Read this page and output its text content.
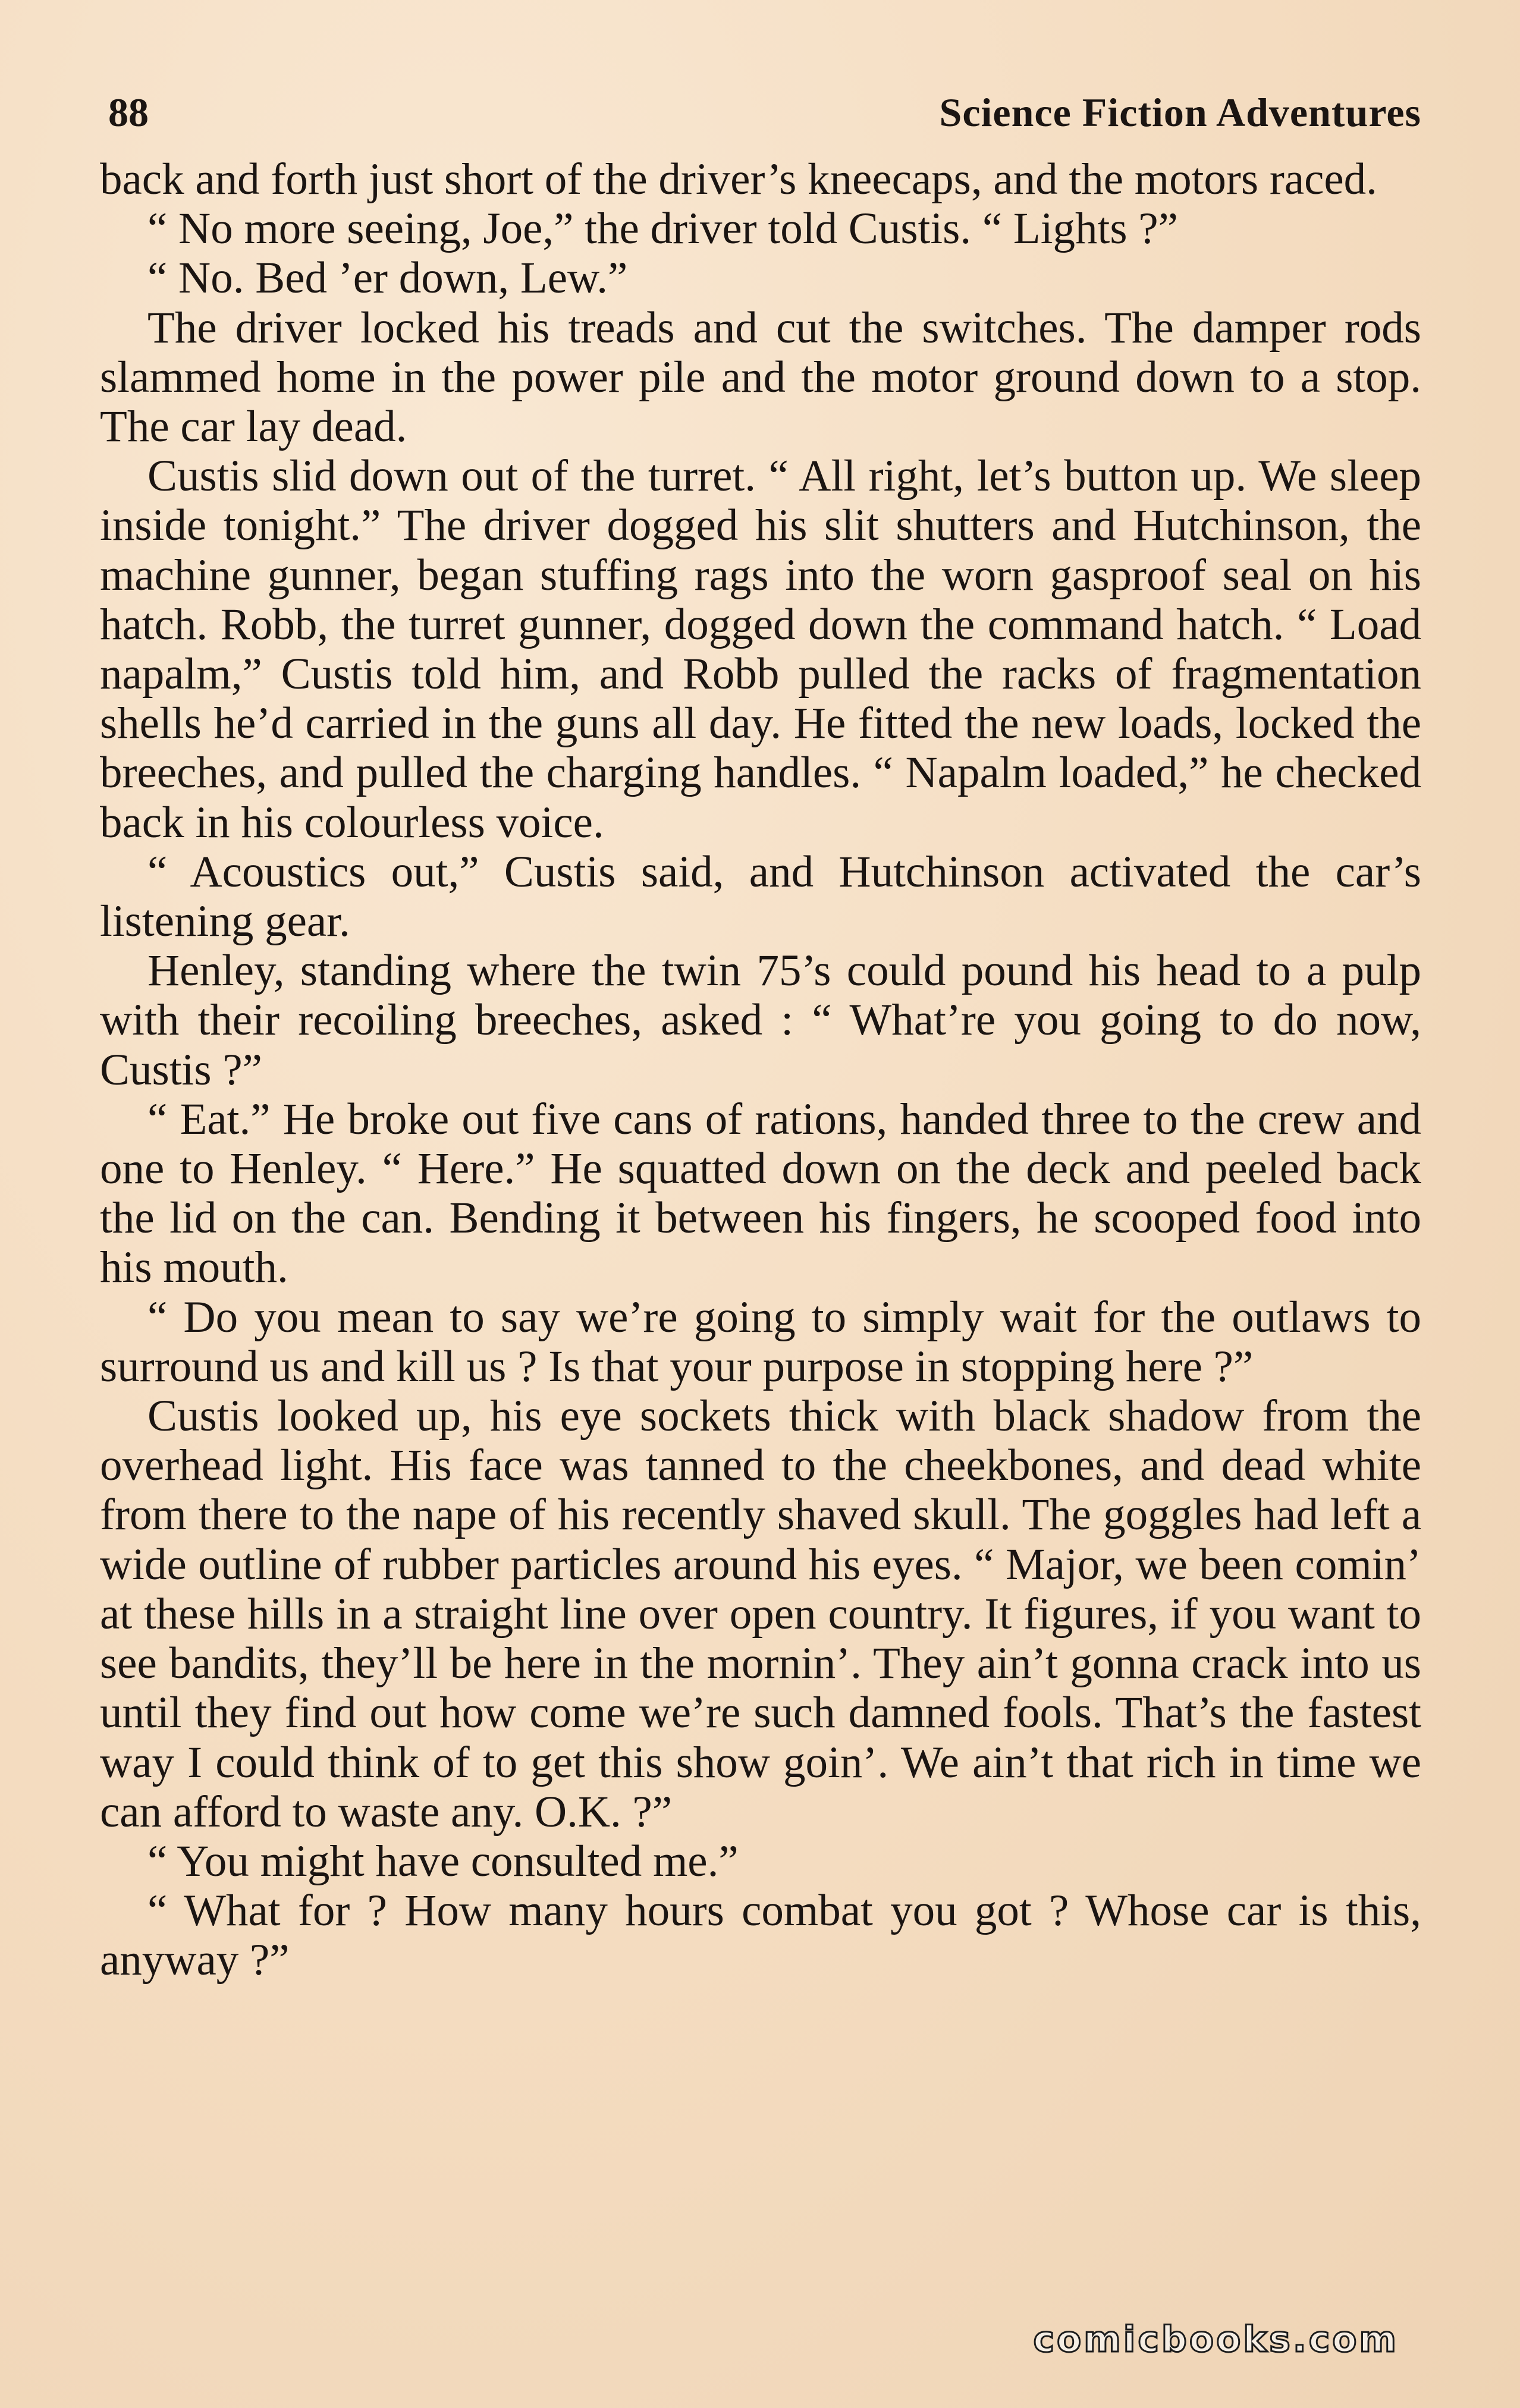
88	Science Fiction Adventures

back and forth just short of the driver’s kneecaps, and the motors raced.

“ No more seeing, Joe,” the driver told Custis. “ Lights ?”

“ No. Bed ’er down, Lew.”

The driver locked his treads and cut the switches. The damper rods slammed home in the power pile and the motor ground down to a stop. The car lay dead.

Custis slid down out of the turret. “ All right, let’s button up. We sleep inside tonight.” The driver dogged his slit shutters and Hutchinson, the machine gunner, began stuffing rags into the worn gasproof seal on his hatch. Robb, the turret gunner, dogged down the command hatch. “ Load napalm,” Custis told him, and Robb pulled the racks of fragmentation shells he’d carried in the guns all day. He fitted the new loads, locked the breeches, and pulled the charging handles. “ Napalm loaded,” he checked back in his colourless voice.

“ Acoustics out,” Custis said, and Hutchinson activated the car’s listening gear.

Henley, standing where the twin 75’s could pound his head to a pulp with their recoiling breeches, asked : “ What’re you going to do now, Custis ?”

“ Eat.” He broke out five cans of rations, handed three to the crew and one to Henley. “ Here.” He squatted down on the deck and peeled back the lid on the can. Bending it between his fingers, he scooped food into his mouth.

“ Do you mean to say we’re going to simply wait for the outlaws to surround us and kill us ? Is that your purpose in stopping here ?”

Custis looked up, his eye sockets thick with black shadow from the overhead light. His face was tanned to the cheekbones, and dead white from there to the nape of his recently shaved skull. The goggles had left a wide outline of rubber particles around his eyes. “ Major, we been comin’ at these hills in a straight line over open country. It figures, if you want to see bandits, they’ll be here in the mornin’. They ain’t gonna crack into us until they find out how come we’re such damned fools. That’s the fastest way I could think of to get this show goin’. We ain’t that rich in time we can afford to waste any. O.K. ?”

“ You might have consulted me.”

“ What for ? How many hours combat you got ? Whose car is this, anyway ?”

comicbooks.com
